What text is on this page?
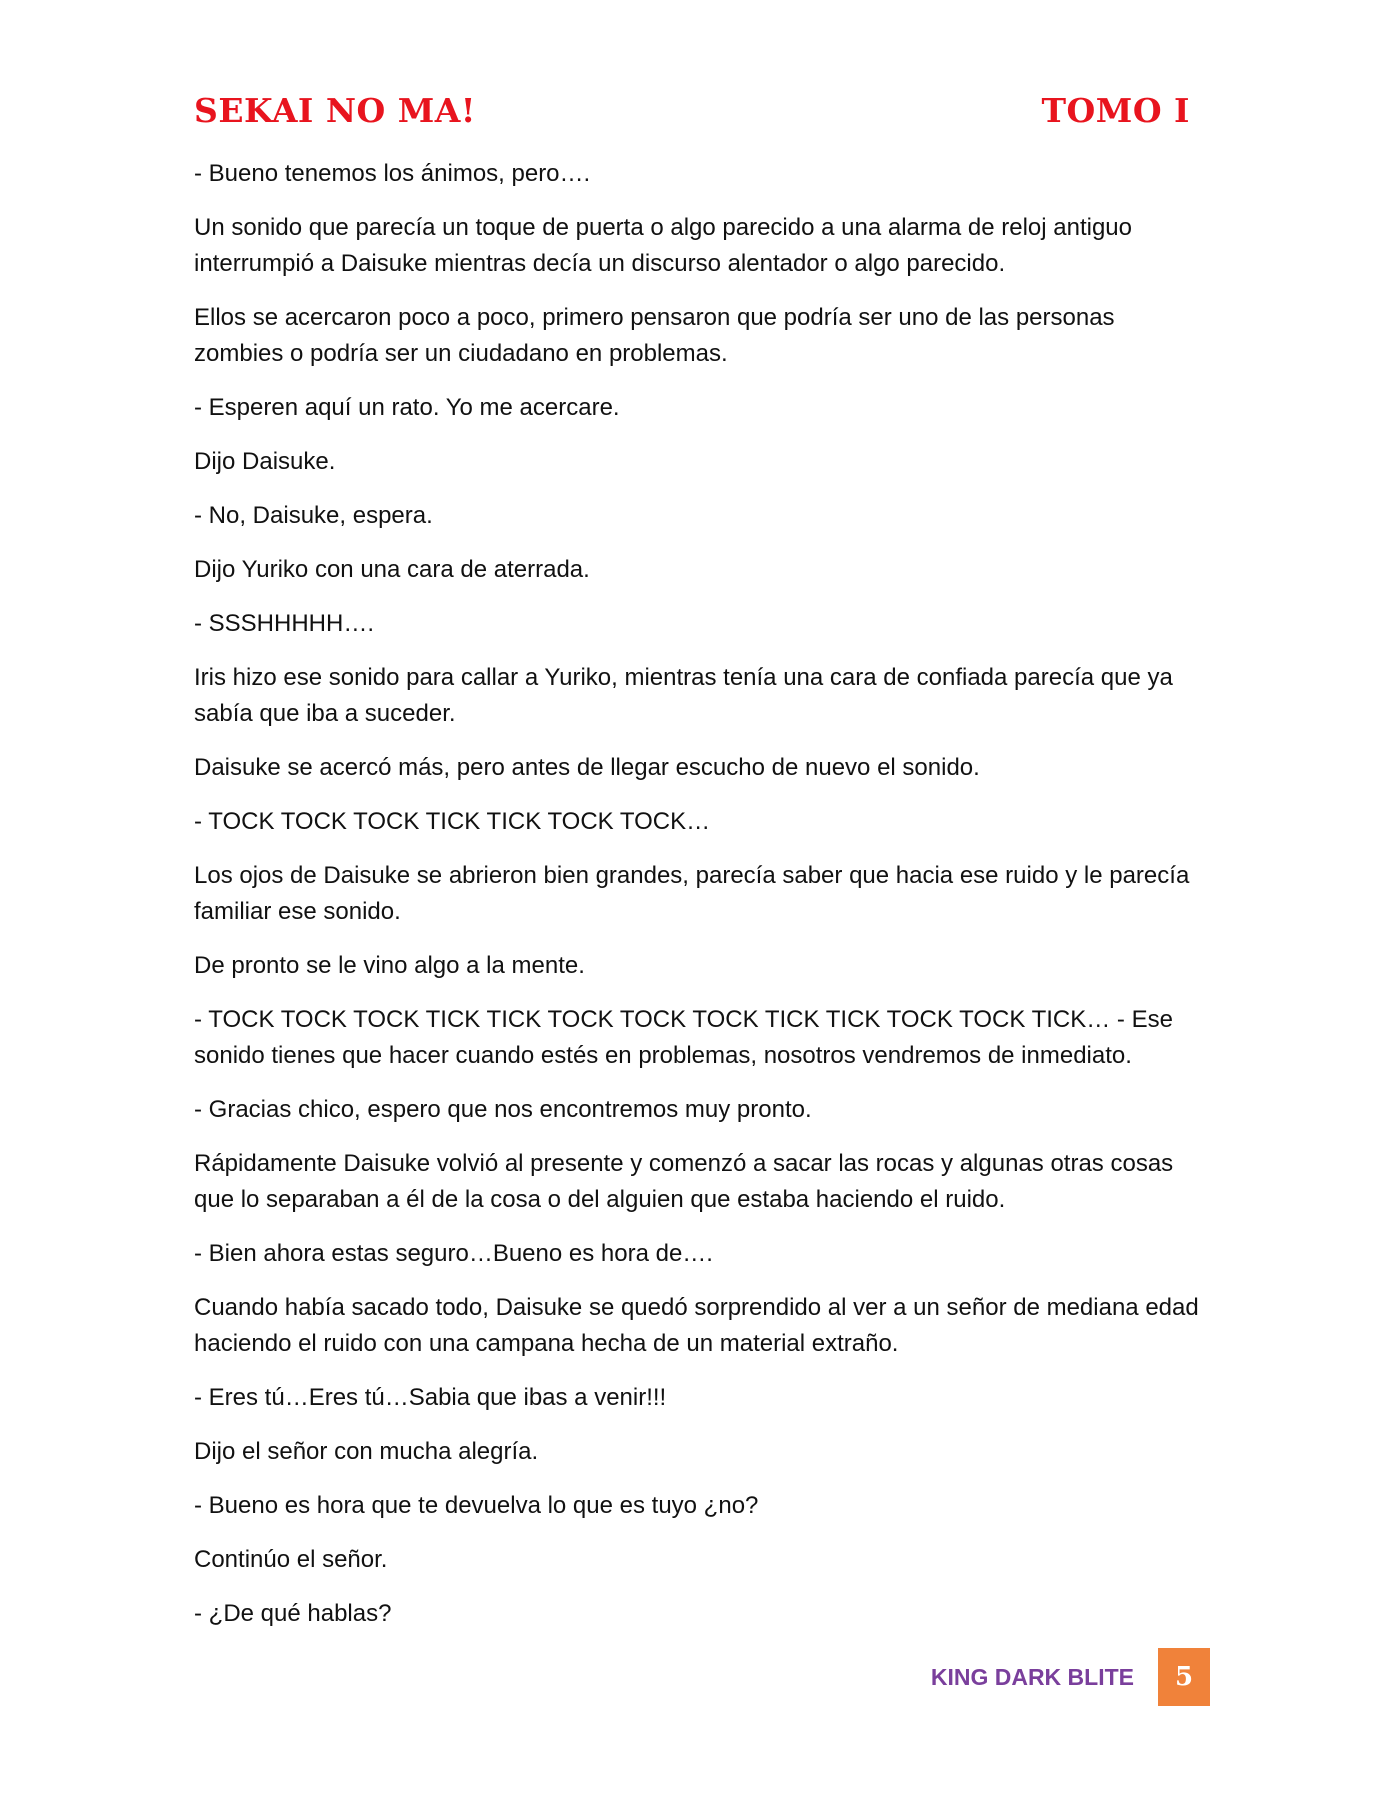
SEKAI NO MA!	TOMO I

- Bueno tenemos los ánimos, pero….

Un sonido que parecía un toque de puerta o algo parecido a una alarma de reloj antiguo interrumpió a Daisuke mientras decía un discurso alentador o algo parecido.

Ellos se acercaron poco a poco, primero pensaron que podría ser uno de las personas zombies o podría ser un ciudadano en problemas.

- Esperen aquí un rato. Yo me acercare.

Dijo Daisuke.

- No, Daisuke, espera.

Dijo Yuriko con una cara de aterrada.

- SSSHHHHH….

Iris hizo ese sonido para callar a Yuriko, mientras tenía una cara de confiada parecía que ya sabía que iba a suceder.

Daisuke se acercó más, pero antes de llegar escucho de nuevo el sonido.

- TOCK TOCK TOCK TICK TICK TOCK TOCK…

Los ojos de Daisuke se abrieron bien grandes, parecía saber que hacia ese ruido y le parecía familiar ese sonido.

De pronto se le vino algo a la mente.

- TOCK TOCK TOCK TICK TICK TOCK TOCK TOCK TICK TICK TOCK TOCK TICK… - Ese sonido tienes que hacer cuando estés en problemas, nosotros vendremos de inmediato.

- Gracias chico, espero que nos encontremos muy pronto.

Rápidamente Daisuke volvió al presente y comenzó a sacar las rocas y algunas otras cosas que lo separaban a él de la cosa o del alguien que estaba haciendo el ruido.

- Bien ahora estas seguro…Bueno es hora de….

Cuando había sacado todo, Daisuke se quedó sorprendido al ver a un señor de mediana edad haciendo el ruido con una campana hecha de un material extraño.

- Eres tú…Eres tú…Sabia que ibas a venir!!!

Dijo el señor con mucha alegría.

- Bueno es hora que te devuelva lo que es tuyo ¿no?

Continúo el señor.

- ¿De qué hablas?

KING DARK BLITE	5
